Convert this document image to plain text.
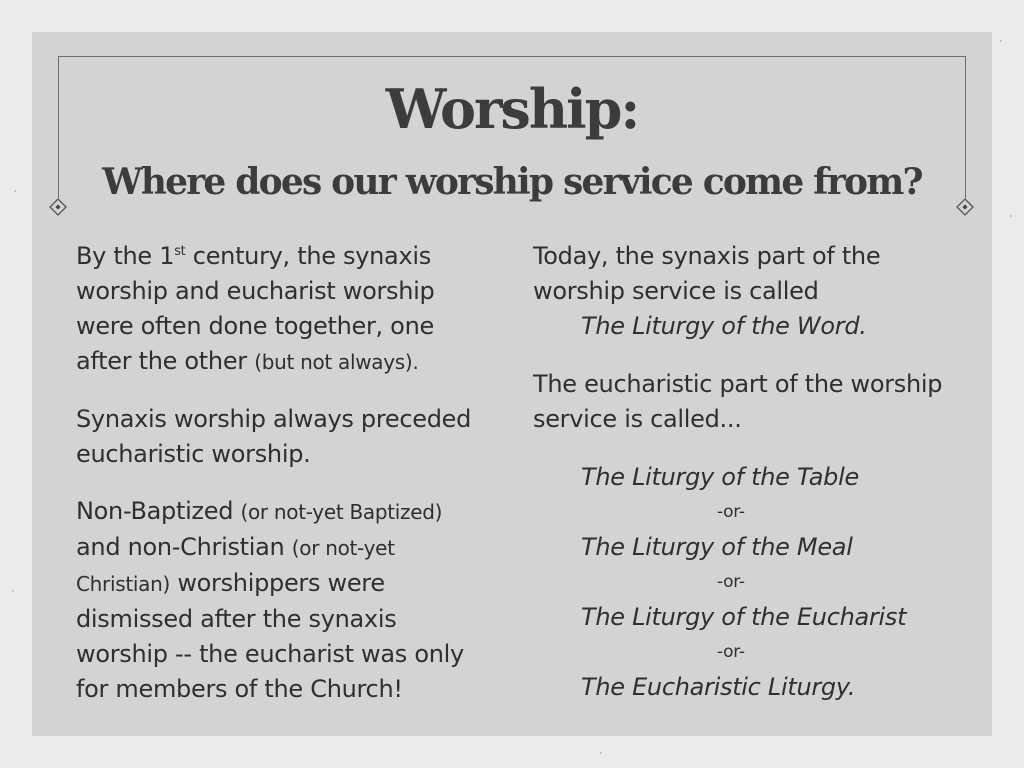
Worship:
Where does our worship service come from?

By the 1st century, the synaxis
worship and eucharist worship
were often done together, one
after the other (but not always).

Synaxis worship always preceded
eucharistic worship.

Non-Baptized (or not-yet Baptized)
and non-Christian (or not-yet
Christian) worshippers were
dismissed after the synaxis
worship -- the eucharist was only
for members of the Church!

Today, the synaxis part of the
worship service is called
The Liturgy of the Word.

The eucharistic part of the worship
service is called...

The Liturgy of the Table
-or-
The Liturgy of the Meal
-or-
The Liturgy of the Eucharist
-or-
The Eucharistic Liturgy.
